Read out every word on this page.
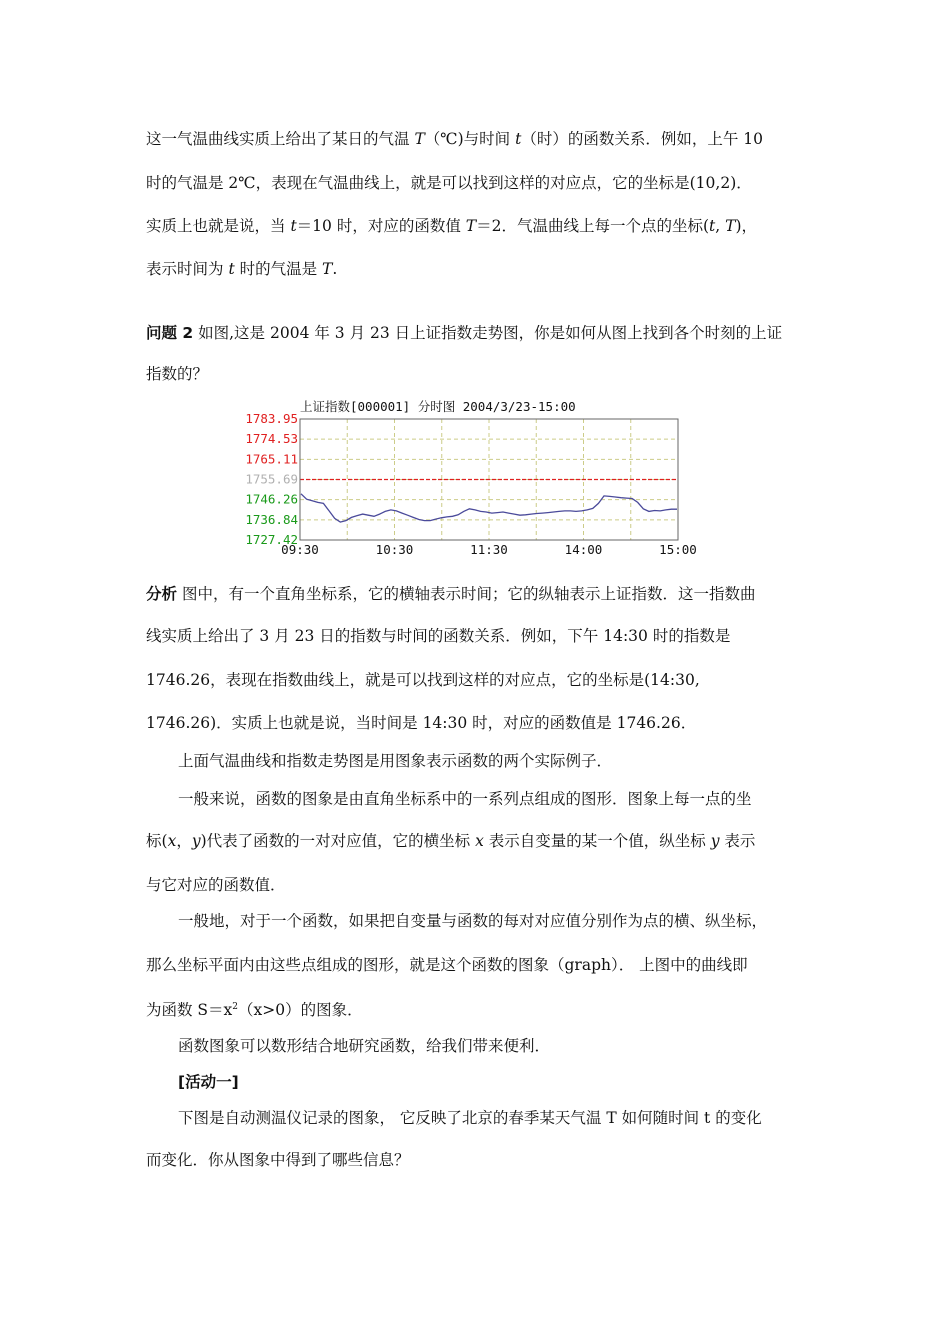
这一气温曲线实质上给出了某日的气温 T（℃)与时间 t（时）的函数关系．例如，上午 10
时的气温是 2℃，表现在气温曲线上，就是可以找到这样的对应点，它的坐标是(10,2)．
实质上也就是说，当 t＝10 时，对应的函数值 T＝2．气温曲线上每一个点的坐标(t, T)，
表示时间为 t 时的气温是 T.
问题 2 如图,这是 2004 年 3 月 23 日上证指数走势图，你是如何从图上找到各个时刻的上证
指数的？
1783.95
1774.53
1765.11
1755.69
1746.26
1736.84
1727.42
09:30	10:30	11:30	14:00	15:00
上证指数[000001] 分时图 2004/3/23-15:00
分析 图中，有一个直角坐标系，它的横轴表示时间；它的纵轴表示上证指数．这一指数曲
线实质上给出了 3 月 23 日的指数与时间的函数关系．例如，下午 14:30 时的指数是
1746.26，表现在指数曲线上，就是可以找到这样的对应点，它的坐标是(14:30,
1746.26)．实质上也就是说，当时间是 14:30 时，对应的函数值是 1746.26．
上面气温曲线和指数走势图是用图象表示函数的两个实际例子．
一般来说，函数的图象是由直角坐标系中的一系列点组成的图形．图象上每一点的坐
标(x，y)代表了函数的一对对应值，它的横坐标 x 表示自变量的某一个值，纵坐标 y 表示
与它对应的函数值．
一般地，对于一个函数，如果把自变量与函数的每对对应值分别作为点的横、纵坐标，
那么坐标平面内由这些点组成的图形，就是这个函数的图象（graph）． 上图中的曲线即
为函数 $S=x^2(x>0)$的图象．
函数图象可以数形结合地研究函数，给我们带来便利．
[活动一]
下图是自动测温仪记录的图象， 它反映了北京的春季某天气温 T 如何随时间 t 的变化
而变化．你从图象中得到了哪些信息？
